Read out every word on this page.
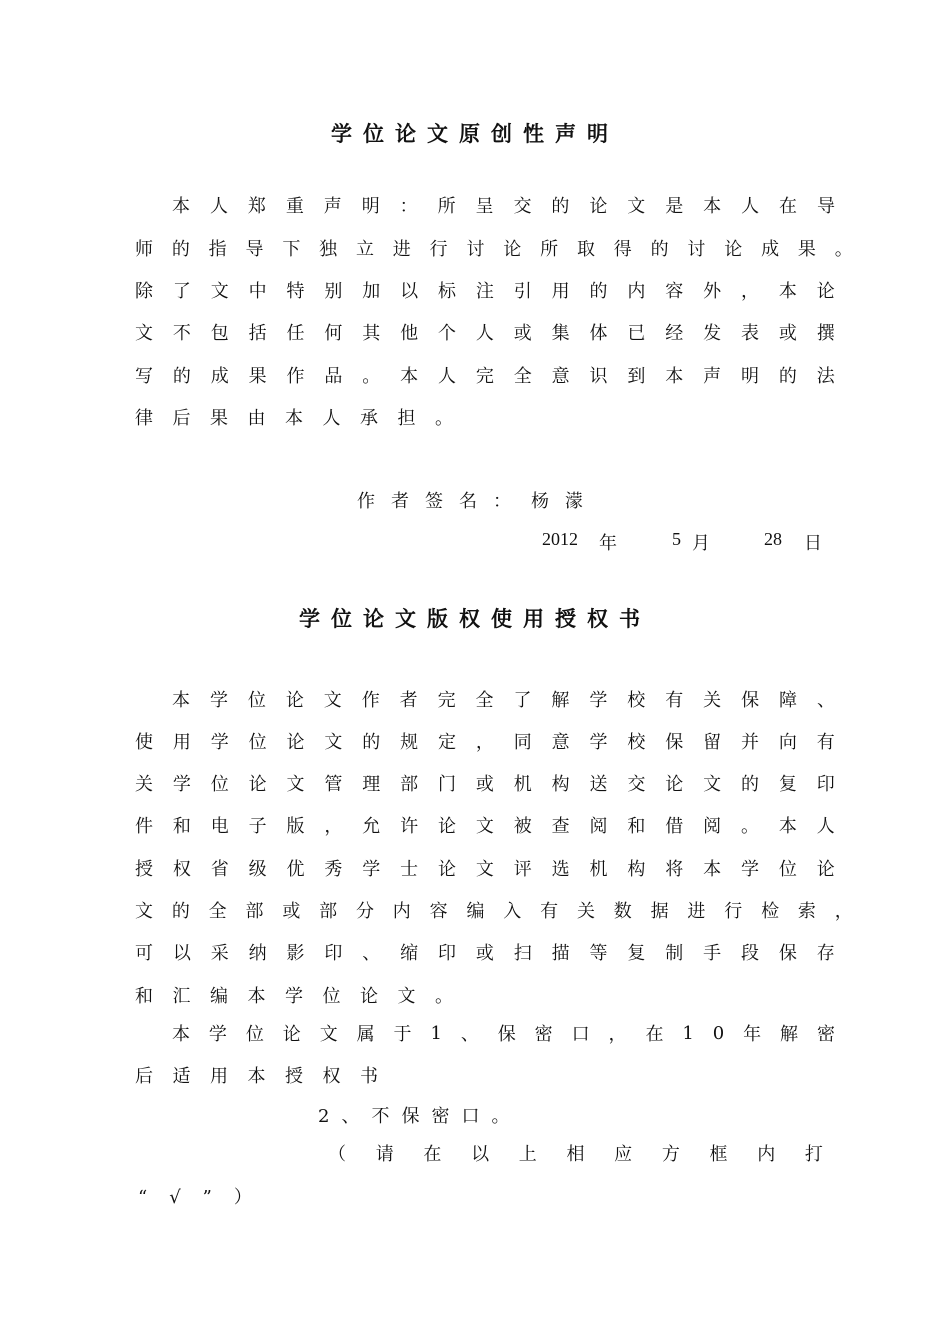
学位论文原创性声明
本 人 郑 重 声 明 ： 所 呈 交 的 论 文 是 本 人 在 导
师 的 指 导 下 独 立 进 行 讨 论 所 取 得 的 讨 论 成 果 。
除 了 文 中 特 别 加 以 标 注 引 用 的 内 容 外 ， 本 论
文 不 包 括 任 何 其 他 个 人 或 集 体 已 经 发 表 或 撰
写 的 成 果 作 品 。 本 人 完 全 意 识 到 本 声 明 的 法
律后果由本人承担。
作者签名： 杨濛
2012 年	5 月	28 日
学位论文版权使用授权书
本 学 位 论 文 作 者 完 全 了 解 学 校 有 关 保 障 、
使 用 学 位 论 文 的 规 定 ， 同 意 学 校 保 留 并 向 有
关 学 位 论 文 管 理 部 门 或 机 构 送 交 论 文 的 复 印
件 和 电 子 版 ， 允 许 论 文 被 查 阅 和 借 阅 。 本 人
授 权 省 级 优 秀 学 士 论 文 评 选 机 构 将 本 学 位 论
文 的 全 部 或 部 分 内 容 编 入 有 关 数 据 进 行 检 索 ，
可 以 采 纳 影 印 、 缩 印 或 扫 描 等 复 制 手 段 保 存
和汇编本学位论文。
本 学 位 论 文 属 于 1 、 保 密 口 ， 在 1 0 年 解 密
后适用本授权书
2、不保密口。
（ 请 在 以 上 相 应 方 框 内 打
“√”）
